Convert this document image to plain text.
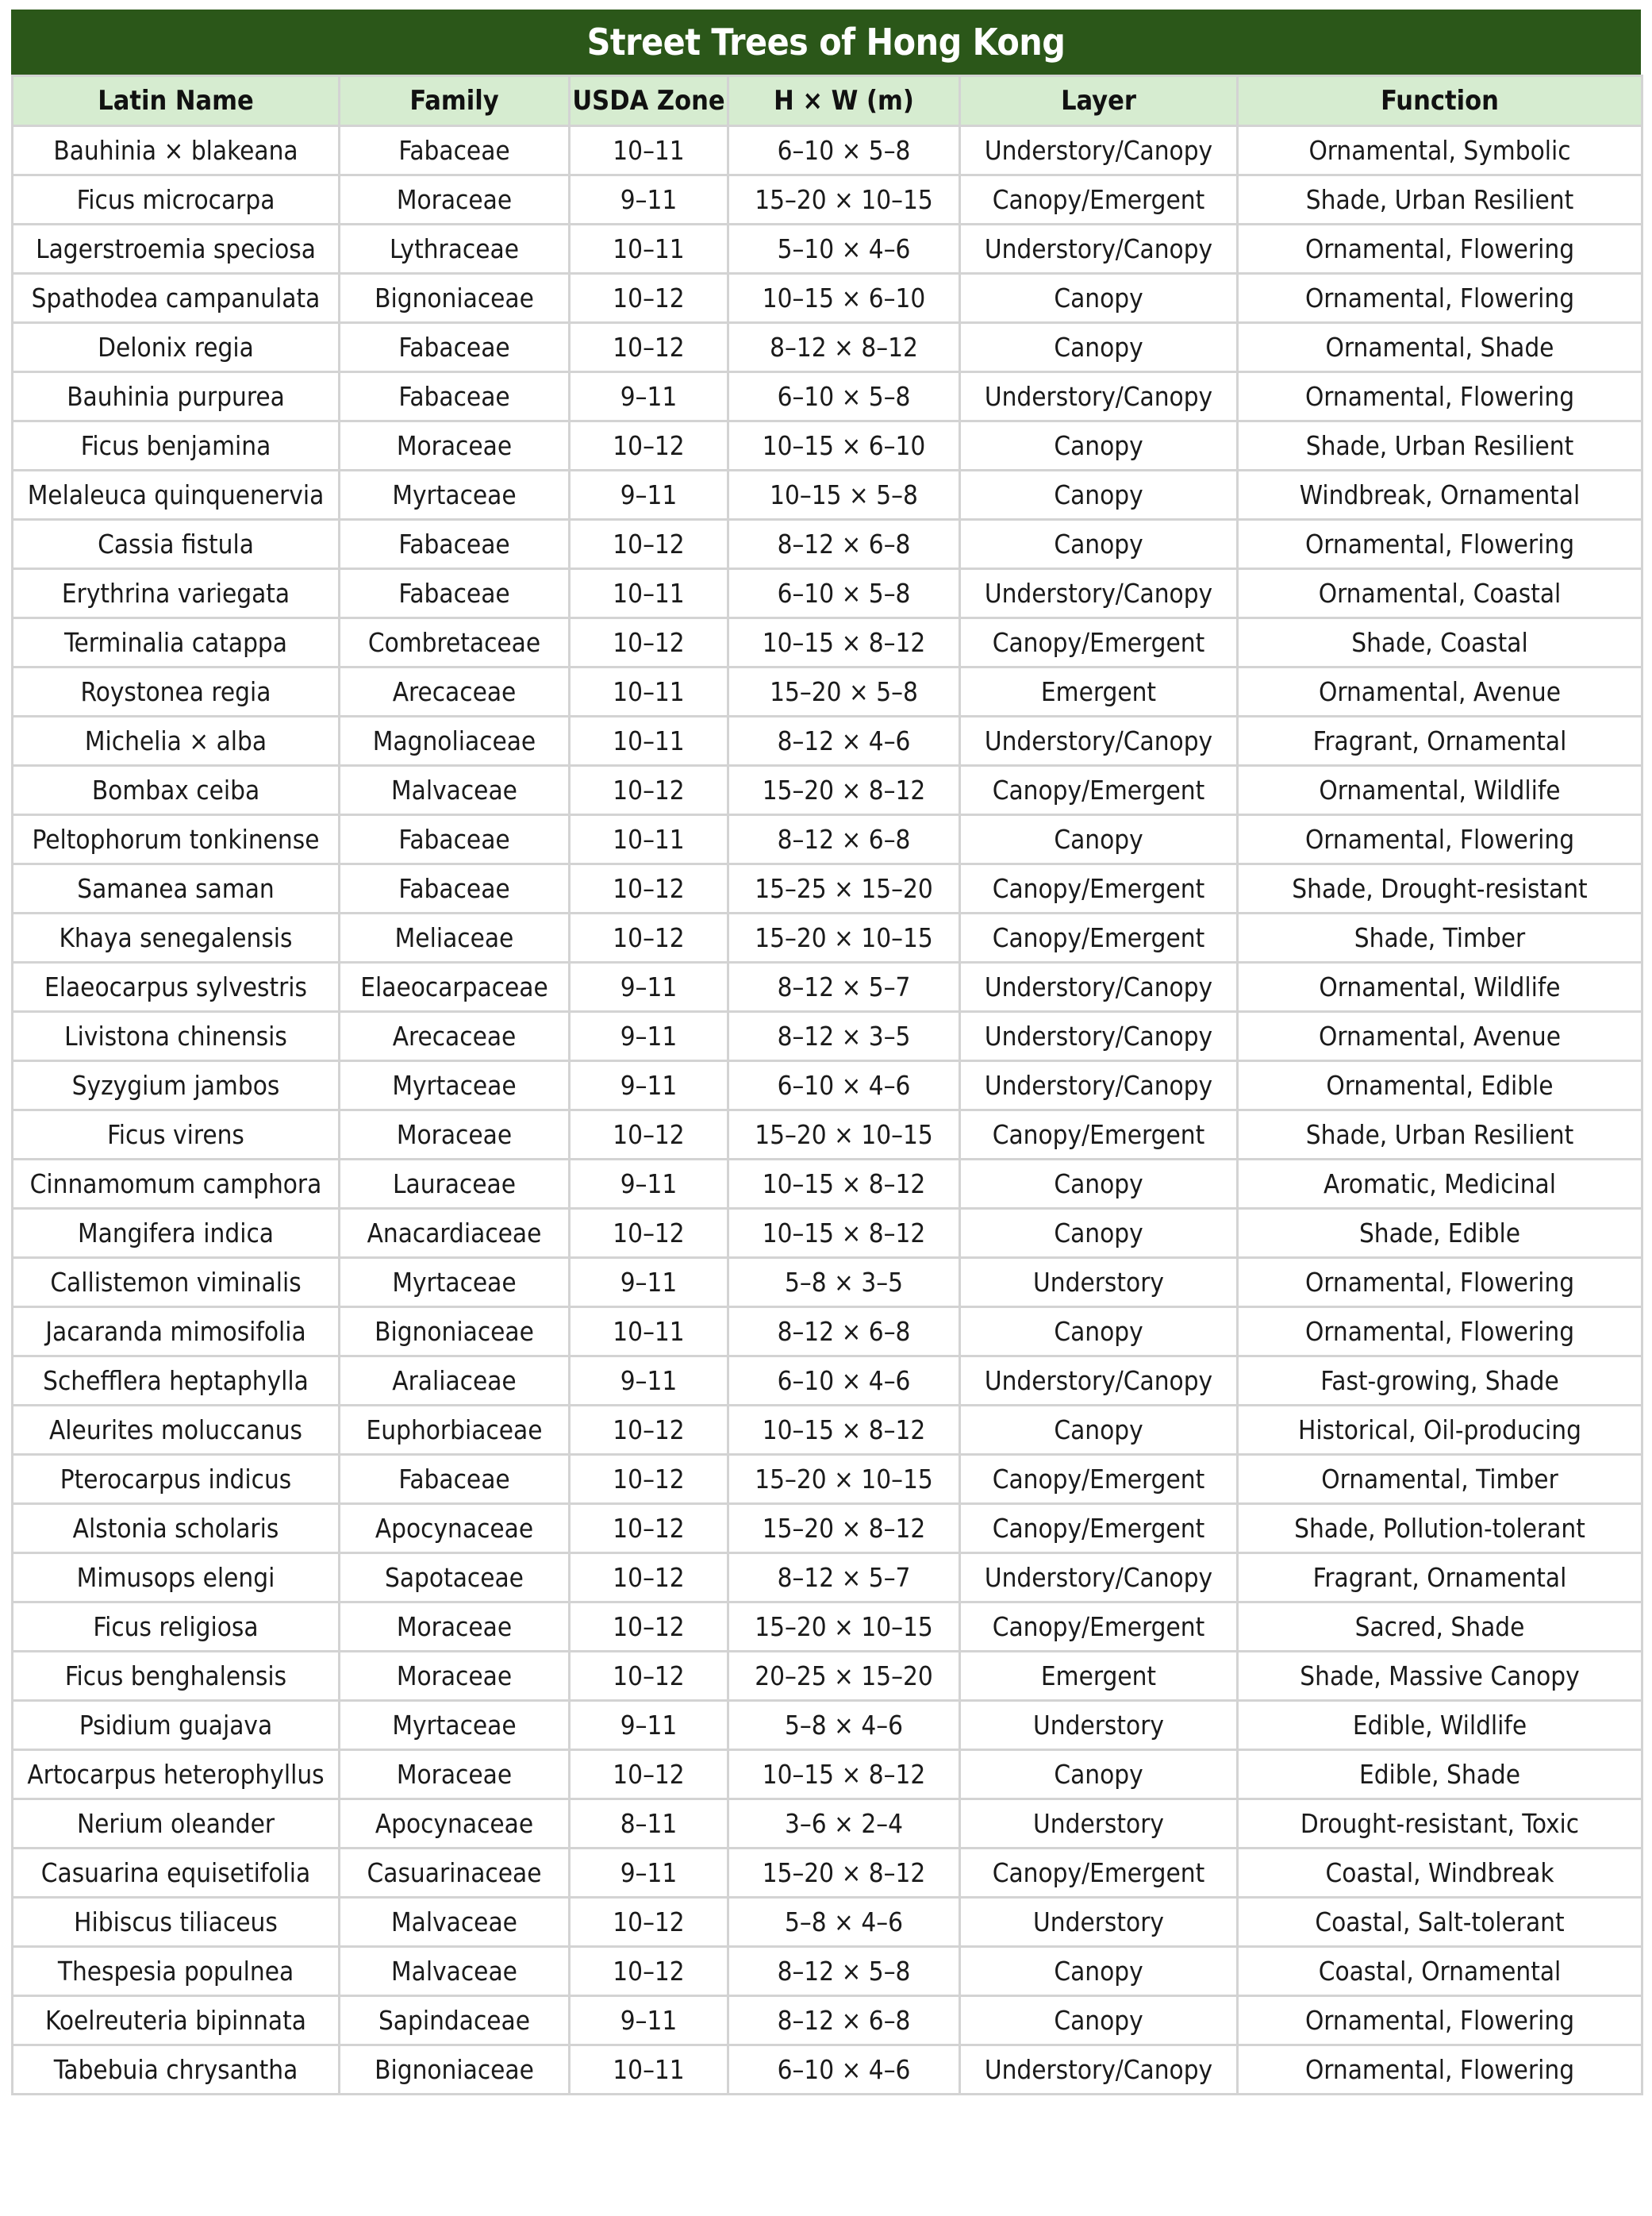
Street Trees of Hong Kong
Latin Name	Family	USDA Zone	H × W (m)	Layer	Function
Bauhinia × blakeana	Fabaceae	10–11	6–10 × 5–8	Understory/Canopy	Ornamental, Symbolic
Ficus microcarpa	Moraceae	9–11	15–20 × 10–15	Canopy/Emergent	Shade, Urban Resilient
Lagerstroemia speciosa	Lythraceae	10–11	5–10 × 4–6	Understory/Canopy	Ornamental, Flowering
Spathodea campanulata	Bignoniaceae	10–12	10–15 × 6–10	Canopy	Ornamental, Flowering
Delonix regia	Fabaceae	10–12	8–12 × 8–12	Canopy	Ornamental, Shade
Bauhinia purpurea	Fabaceae	9–11	6–10 × 5–8	Understory/Canopy	Ornamental, Flowering
Ficus benjamina	Moraceae	10–12	10–15 × 6–10	Canopy	Shade, Urban Resilient
Melaleuca quinquenervia	Myrtaceae	9–11	10–15 × 5–8	Canopy	Windbreak, Ornamental
Cassia fistula	Fabaceae	10–12	8–12 × 6–8	Canopy	Ornamental, Flowering
Erythrina variegata	Fabaceae	10–11	6–10 × 5–8	Understory/Canopy	Ornamental, Coastal
Terminalia catappa	Combretaceae	10–12	10–15 × 8–12	Canopy/Emergent	Shade, Coastal
Roystonea regia	Arecaceae	10–11	15–20 × 5–8	Emergent	Ornamental, Avenue
Michelia × alba	Magnoliaceae	10–11	8–12 × 4–6	Understory/Canopy	Fragrant, Ornamental
Bombax ceiba	Malvaceae	10–12	15–20 × 8–12	Canopy/Emergent	Ornamental, Wildlife
Peltophorum tonkinense	Fabaceae	10–11	8–12 × 6–8	Canopy	Ornamental, Flowering
Samanea saman	Fabaceae	10–12	15–25 × 15–20	Canopy/Emergent	Shade, Drought-resistant
Khaya senegalensis	Meliaceae	10–12	15–20 × 10–15	Canopy/Emergent	Shade, Timber
Elaeocarpus sylvestris	Elaeocarpaceae	9–11	8–12 × 5–7	Understory/Canopy	Ornamental, Wildlife
Livistona chinensis	Arecaceae	9–11	8–12 × 3–5	Understory/Canopy	Ornamental, Avenue
Syzygium jambos	Myrtaceae	9–11	6–10 × 4–6	Understory/Canopy	Ornamental, Edible
Ficus virens	Moraceae	10–12	15–20 × 10–15	Canopy/Emergent	Shade, Urban Resilient
Cinnamomum camphora	Lauraceae	9–11	10–15 × 8–12	Canopy	Aromatic, Medicinal
Mangifera indica	Anacardiaceae	10–12	10–15 × 8–12	Canopy	Shade, Edible
Callistemon viminalis	Myrtaceae	9–11	5–8 × 3–5	Understory	Ornamental, Flowering
Jacaranda mimosifolia	Bignoniaceae	10–11	8–12 × 6–8	Canopy	Ornamental, Flowering
Schefflera heptaphylla	Araliaceae	9–11	6–10 × 4–6	Understory/Canopy	Fast-growing, Shade
Aleurites moluccanus	Euphorbiaceae	10–12	10–15 × 8–12	Canopy	Historical, Oil-producing
Pterocarpus indicus	Fabaceae	10–12	15–20 × 10–15	Canopy/Emergent	Ornamental, Timber
Alstonia scholaris	Apocynaceae	10–12	15–20 × 8–12	Canopy/Emergent	Shade, Pollution-tolerant
Mimusops elengi	Sapotaceae	10–12	8–12 × 5–7	Understory/Canopy	Fragrant, Ornamental
Ficus religiosa	Moraceae	10–12	15–20 × 10–15	Canopy/Emergent	Sacred, Shade
Ficus benghalensis	Moraceae	10–12	20–25 × 15–20	Emergent	Shade, Massive Canopy
Psidium guajava	Myrtaceae	9–11	5–8 × 4–6	Understory	Edible, Wildlife
Artocarpus heterophyllus	Moraceae	10–12	10–15 × 8–12	Canopy	Edible, Shade
Nerium oleander	Apocynaceae	8–11	3–6 × 2–4	Understory	Drought-resistant, Toxic
Casuarina equisetifolia	Casuarinaceae	9–11	15–20 × 8–12	Canopy/Emergent	Coastal, Windbreak
Hibiscus tiliaceus	Malvaceae	10–12	5–8 × 4–6	Understory	Coastal, Salt-tolerant
Thespesia populnea	Malvaceae	10–12	8–12 × 5–8	Canopy	Coastal, Ornamental
Koelreuteria bipinnata	Sapindaceae	9–11	8–12 × 6–8	Canopy	Ornamental, Flowering
Tabebuia chrysantha	Bignoniaceae	10–11	6–10 × 4–6	Understory/Canopy	Ornamental, Flowering
